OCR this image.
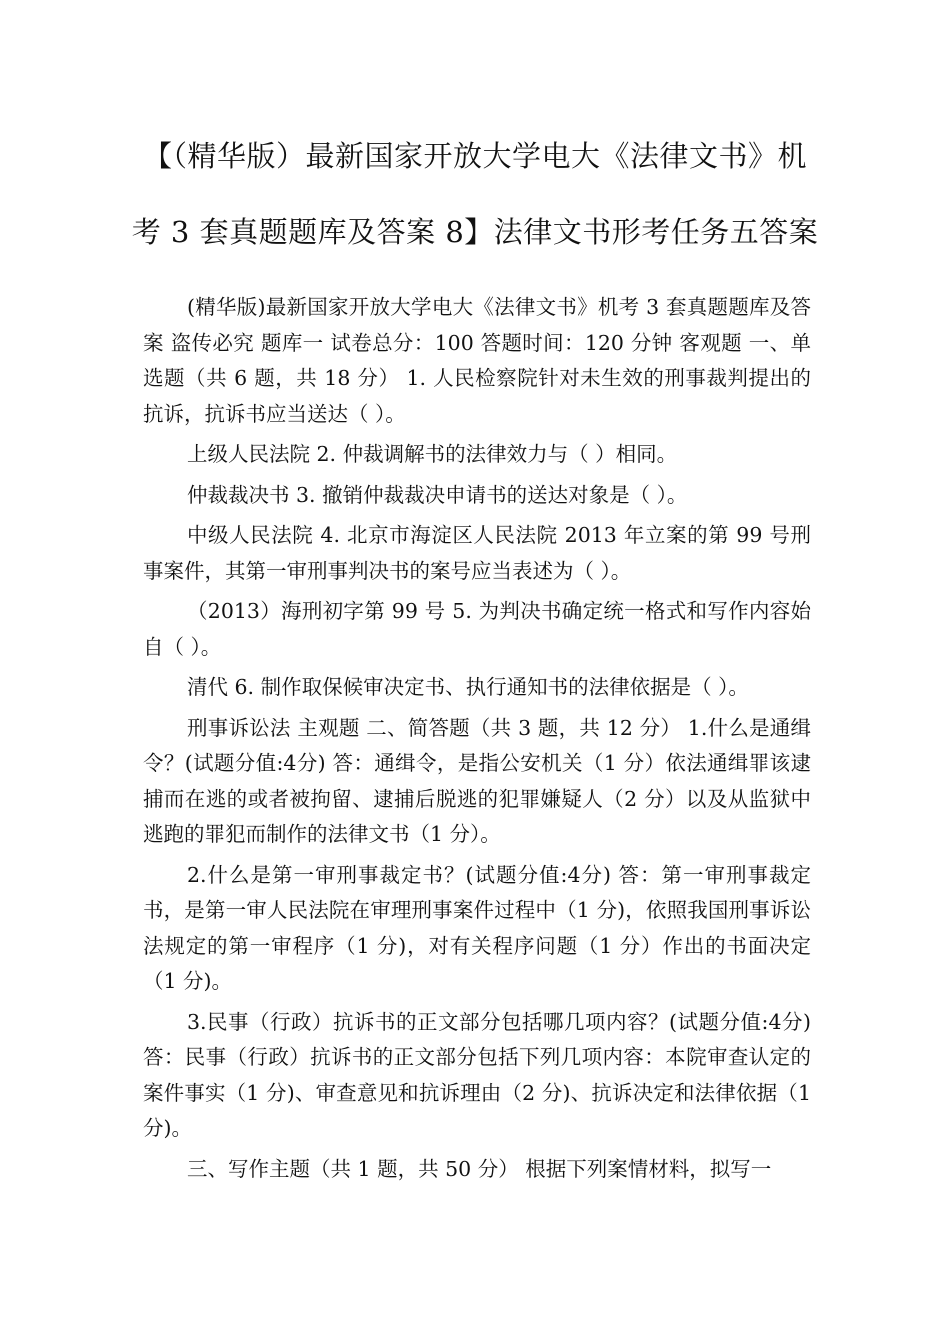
【（精华版）最新国家开放大学电大《法律文书》机
考 3 套真题题库及答案 8】法律文书形考任务五答案

(精华版)最新国家开放大学电大《法律文书》机考 3 套真题题库及答案 盗传必究 题库一 试卷总分：100 答题时间：120 分钟 客观题 一、单选题（共 6 题，共 18 分） 1. 人民检察院针对未生效的刑事裁判提出的抗诉，抗诉书应当送达（ ）。

上级人民法院 2. 仲裁调解书的法律效力与（ ）相同。

仲裁裁决书 3. 撤销仲裁裁决申请书的送达对象是（ ）。

中级人民法院 4. 北京市海淀区人民法院 2013 年立案的第 99 号刑事案件，其第一审刑事判决书的案号应当表述为（ ）。

（2013）海刑初字第 99 号 5. 为判决书确定统一格式和写作内容始自（ ）。

清代 6. 制作取保候审决定书、执行通知书的法律依据是（ ）。

刑事诉讼法 主观题 二、简答题（共 3 题，共 12 分） 1.什么是通缉令？(试题分值:4分) 答：通缉令，是指公安机关（1 分）依法通缉罪该逮捕而在逃的或者被拘留、逮捕后脱逃的犯罪嫌疑人（2 分）以及从监狱中逃跑的罪犯而制作的法律文书（1 分）。

2.什么是第一审刑事裁定书？(试题分值:4分) 答：第一审刑事裁定书，是第一审人民法院在审理刑事案件过程中（1 分)，依照我国刑事诉讼法规定的第一审程序（1 分)，对有关程序问题（1 分）作出的书面决定（1 分)。

3.民事（行政）抗诉书的正文部分包括哪几项内容？(试题分值:4分) 答：民事（行政）抗诉书的正文部分包括下列几项内容：本院审查认定的案件事实（1 分)、审查意见和抗诉理由（2 分)、抗诉决定和法律依据（1 分)。

三、写作主题（共 1 题，共 50 分） 根据下列案情材料，拟写一
